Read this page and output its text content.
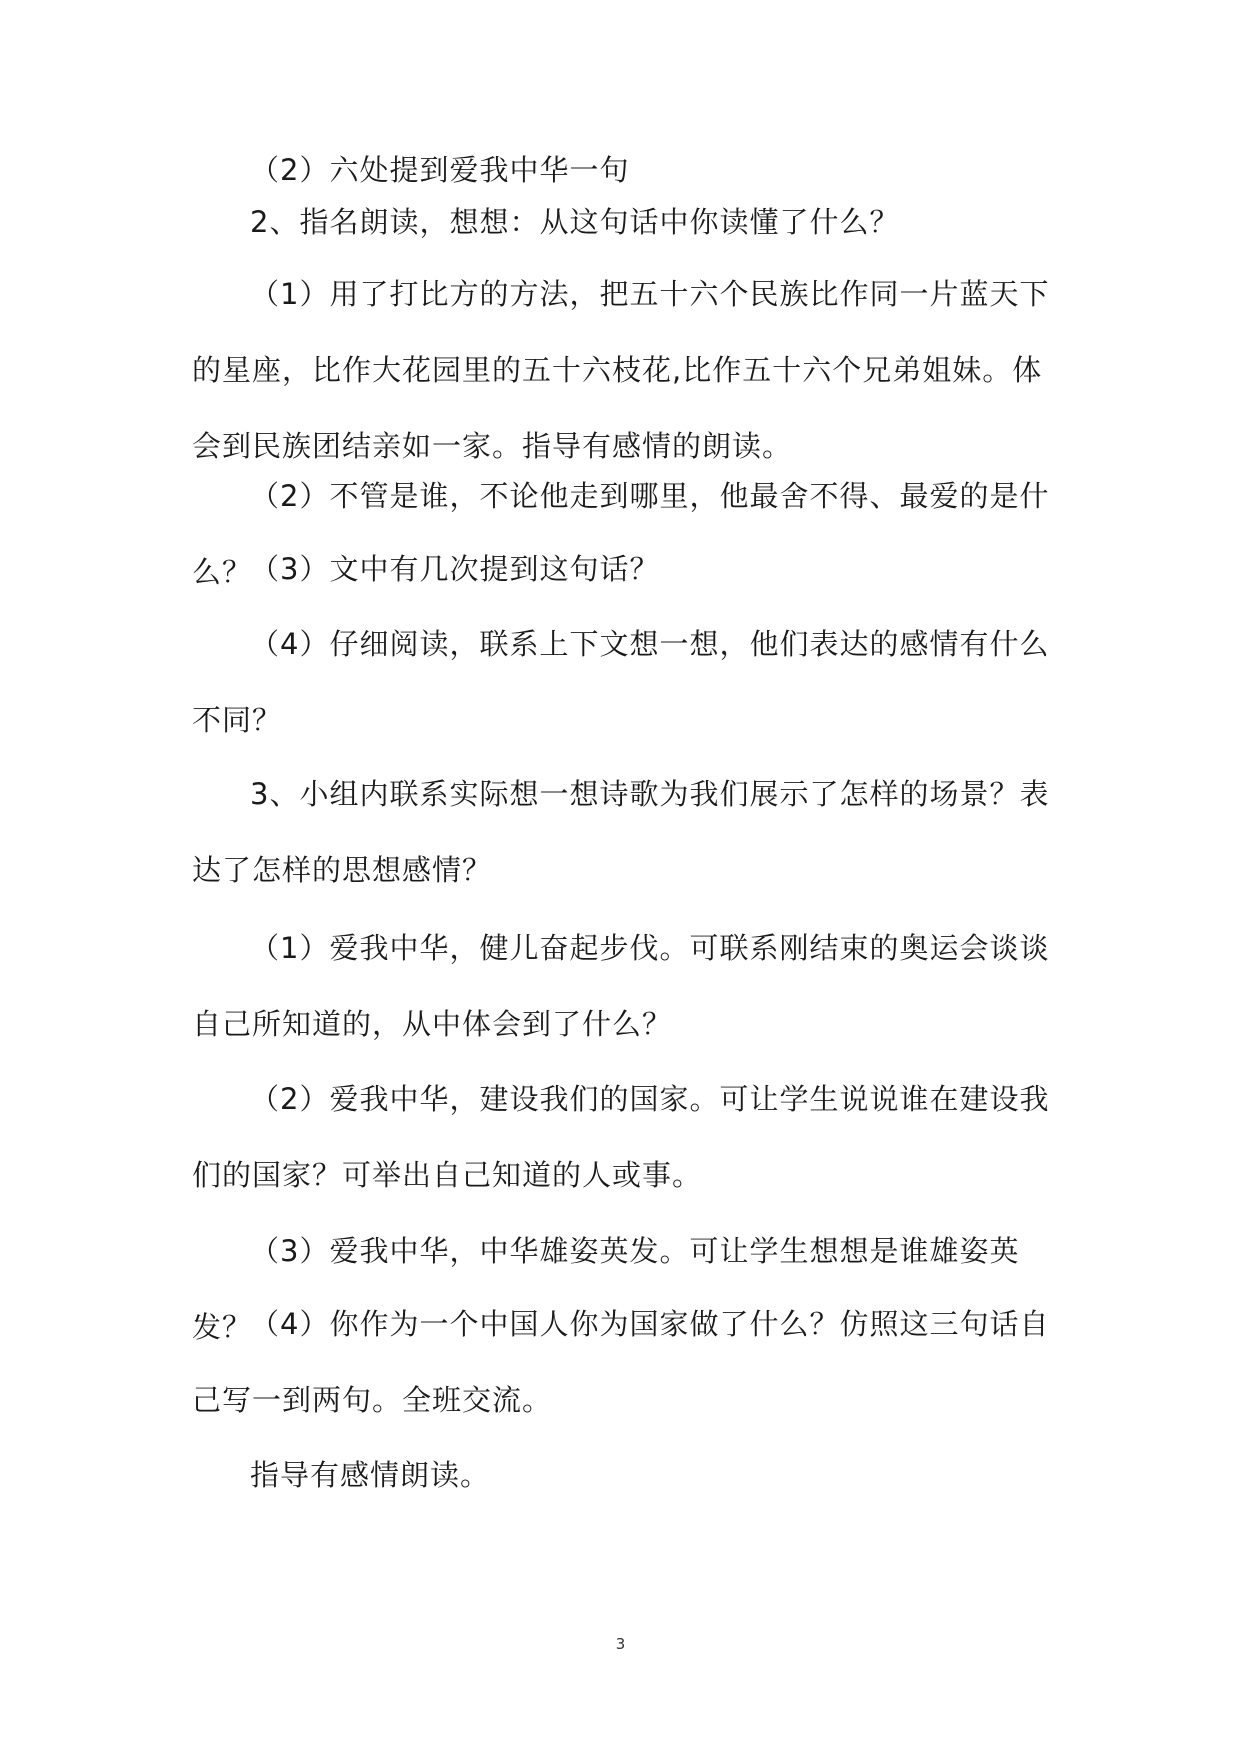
（2）六处提到爱我中华一句

2、指名朗读，想想：从这句话中你读懂了什么？

（1）用了打比方的方法，把五十六个民族比作同一片蓝天下的星座，比作大花园里的五十六枝花,比作五十六个兄弟姐妹。体会到民族团结亲如一家。指导有感情的朗读。

（2）不管是谁，不论他走到哪里，他最舍不得、最爱的是什么？

（3）文中有几次提到这句话？

（4）仔细阅读，联系上下文想一想，他们表达的感情有什么不同？

3、小组内联系实际想一想诗歌为我们展示了怎样的场景？表达了怎样的思想感情？

（1）爱我中华，健儿奋起步伐。可联系刚结束的奥运会谈谈自己所知道的，从中体会到了什么？

（2）爱我中华，建设我们的国家。可让学生说说谁在建设我们的国家？可举出自己知道的人或事。

（3）爱我中华，中华雄姿英发。可让学生想想是谁雄姿英发？

（4）你作为一个中国人你为国家做了什么？仿照这三句话自己写一到两句。全班交流。

指导有感情朗读。

3
